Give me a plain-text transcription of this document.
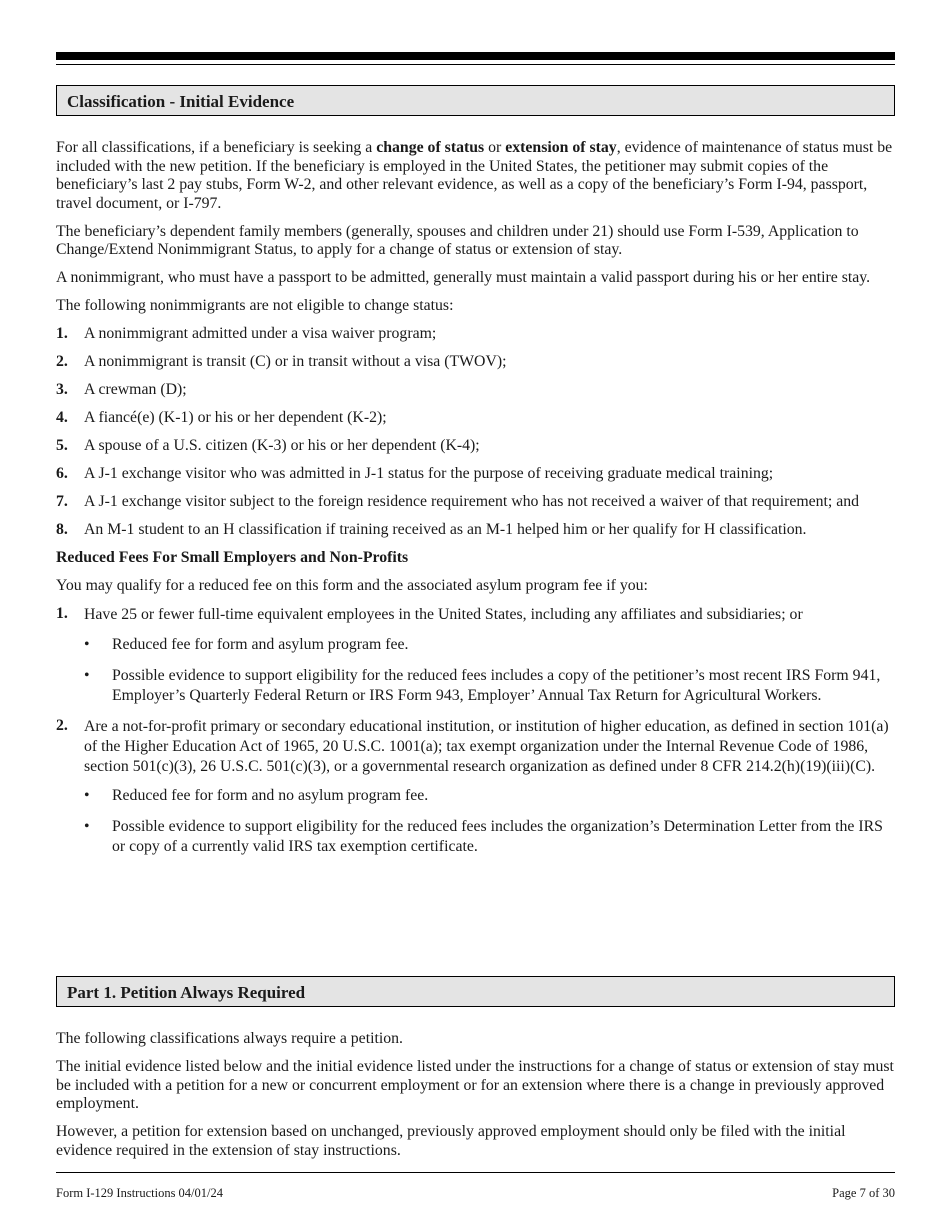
Classification - Initial Evidence

For all classifications, if a beneficiary is seeking a change of status or extension of stay, evidence of maintenance of status must be included with the new petition. If the beneficiary is employed in the United States, the petitioner may submit copies of the beneficiary’s last 2 pay stubs, Form W-2, and other relevant evidence, as well as a copy of the beneficiary’s Form I-94, passport, travel document, or I-797.

The beneficiary’s dependent family members (generally, spouses and children under 21) should use Form I-539, Application to Change/Extend Nonimmigrant Status, to apply for a change of status or extension of stay.

A nonimmigrant, who must have a passport to be admitted, generally must maintain a valid passport during his or her entire stay.

The following nonimmigrants are not eligible to change status:

1.	A nonimmigrant admitted under a visa waiver program;
2.	A nonimmigrant is transit (C) or in transit without a visa (TWOV);
3.	A crewman (D);
4.	A fiancé(e) (K-1) or his or her dependent (K-2);
5.	A spouse of a U.S. citizen (K-3) or his or her dependent (K-4);
6.	A J-1 exchange visitor who was admitted in J-1 status for the purpose of receiving graduate medical training;
7.	A J-1 exchange visitor subject to the foreign residence requirement who has not received a waiver of that requirement; and
8.	An M-1 student to an H classification if training received as an M-1 helped him or her qualify for H classification.
Reduced Fees For Small Employers and Non-Profits

You may qualify for a reduced fee on this form and the associated asylum program fee if you:

1.	Have 25 or fewer full-time equivalent employees in the United States, including any affiliates and subsidiaries; or
•	Reduced fee for form and asylum program fee.
•	Possible evidence to support eligibility for the reduced fees includes a copy of the petitioner’s most recent IRS Form 941, Employer’s Quarterly Federal Return or IRS Form 943, Employer’ Annual Tax Return for Agricultural Workers.
2.	Are a not-for-profit primary or secondary educational institution, or institution of higher education, as defined in section 101(a) of the Higher Education Act of 1965, 20 U.S.C. 1001(a); tax exempt organization under the Internal Revenue Code of 1986, section 501(c)(3), 26 U.S.C. 501(c)(3), or a governmental research organization as defined under 8 CFR 214.2(h)(19)(iii)(C).
•	Reduced fee for form and no asylum program fee.
•	Possible evidence to support eligibility for the reduced fees includes the organization’s Determination Letter from the IRS or copy of a currently valid IRS tax exemption certificate.
Part 1. Petition Always Required

The following classifications always require a petition.

The initial evidence listed below and the initial evidence listed under the instructions for a change of status or extension of stay must be included with a petition for a new or concurrent employment or for an extension where there is a change in previously approved employment.

However, a petition for extension based on unchanged, previously approved employment should only be filed with the initial evidence required in the extension of stay instructions.

Form I-129 Instructions 04/01/24	Page 7 of 30
